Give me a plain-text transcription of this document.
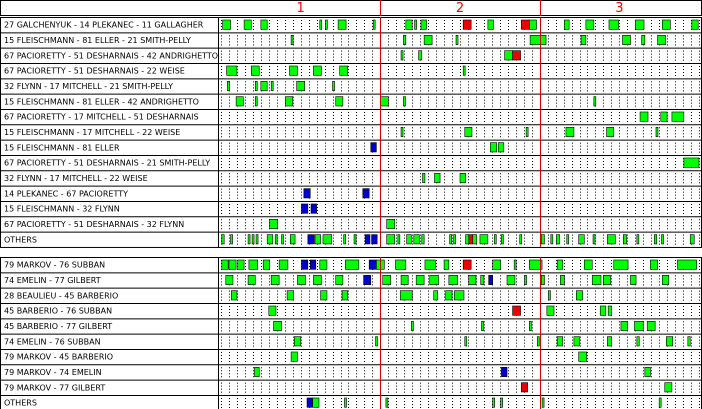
1	2	3
27 GALCHENYUK - 14 PLEKANEC - 11 GALLAGHER
15 FLEISCHMANN - 81 ELLER - 21 SMITH-PELLY
67 PACIORETTY - 51 DESHARNAIS - 42 ANDRIGHETTO
67 PACIORETTY - 51 DESHARNAIS - 22 WEISE
32 FLYNN - 17 MITCHELL - 21 SMITH-PELLY
15 FLEISCHMANN - 81 ELLER - 42 ANDRIGHETTO
67 PACIORETTY - 17 MITCHELL - 51 DESHARNAIS
15 FLEISCHMANN - 17 MITCHELL - 22 WEISE
15 FLEISCHMANN - 81 ELLER
67 PACIORETTY - 51 DESHARNAIS - 21 SMITH-PELLY
32 FLYNN - 17 MITCHELL - 22 WEISE
14 PLEKANEC - 67 PACIORETTY
15 FLEISCHMANN - 32 FLYNN
67 PACIORETTY - 51 DESHARNAIS - 32 FLYNN
OTHERS
79 MARKOV - 76 SUBBAN
74 EMELIN - 77 GILBERT
28 BEAULIEU - 45 BARBERIO
45 BARBERIO - 76 SUBBAN
45 BARBERIO - 77 GILBERT
74 EMELIN - 76 SUBBAN
79 MARKOV - 45 BARBERIO
79 MARKOV - 74 EMELIN
79 MARKOV - 77 GILBERT
OTHERS
